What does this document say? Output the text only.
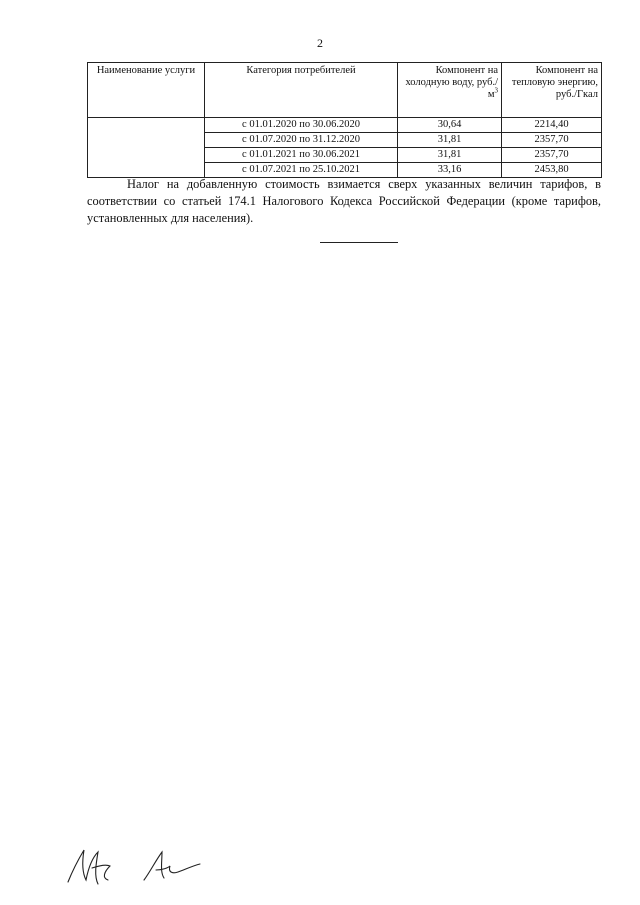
2
Наименование услуги	Категория потребителей	Компонент на холодную воду, $руб./м^3$	Компонент на тепловую энергию, руб./Гкал
	с 01.01.2020 по 30.06.2020	30,64	2214,40
	с 01.07.2020 по 31.12.2020	31,81	2357,70
	с 01.01.2021 по 30.06.2021	31,81	2357,70
	с 01.07.2021 по 25.10.2021	33,16	2453,80

Налог на добавленную стоимость взимается сверх указанных величин тарифов, в соответствии со статьей 174.1 Налогового Кодекса Российской Федерации (кроме тарифов, установленных для населения).
